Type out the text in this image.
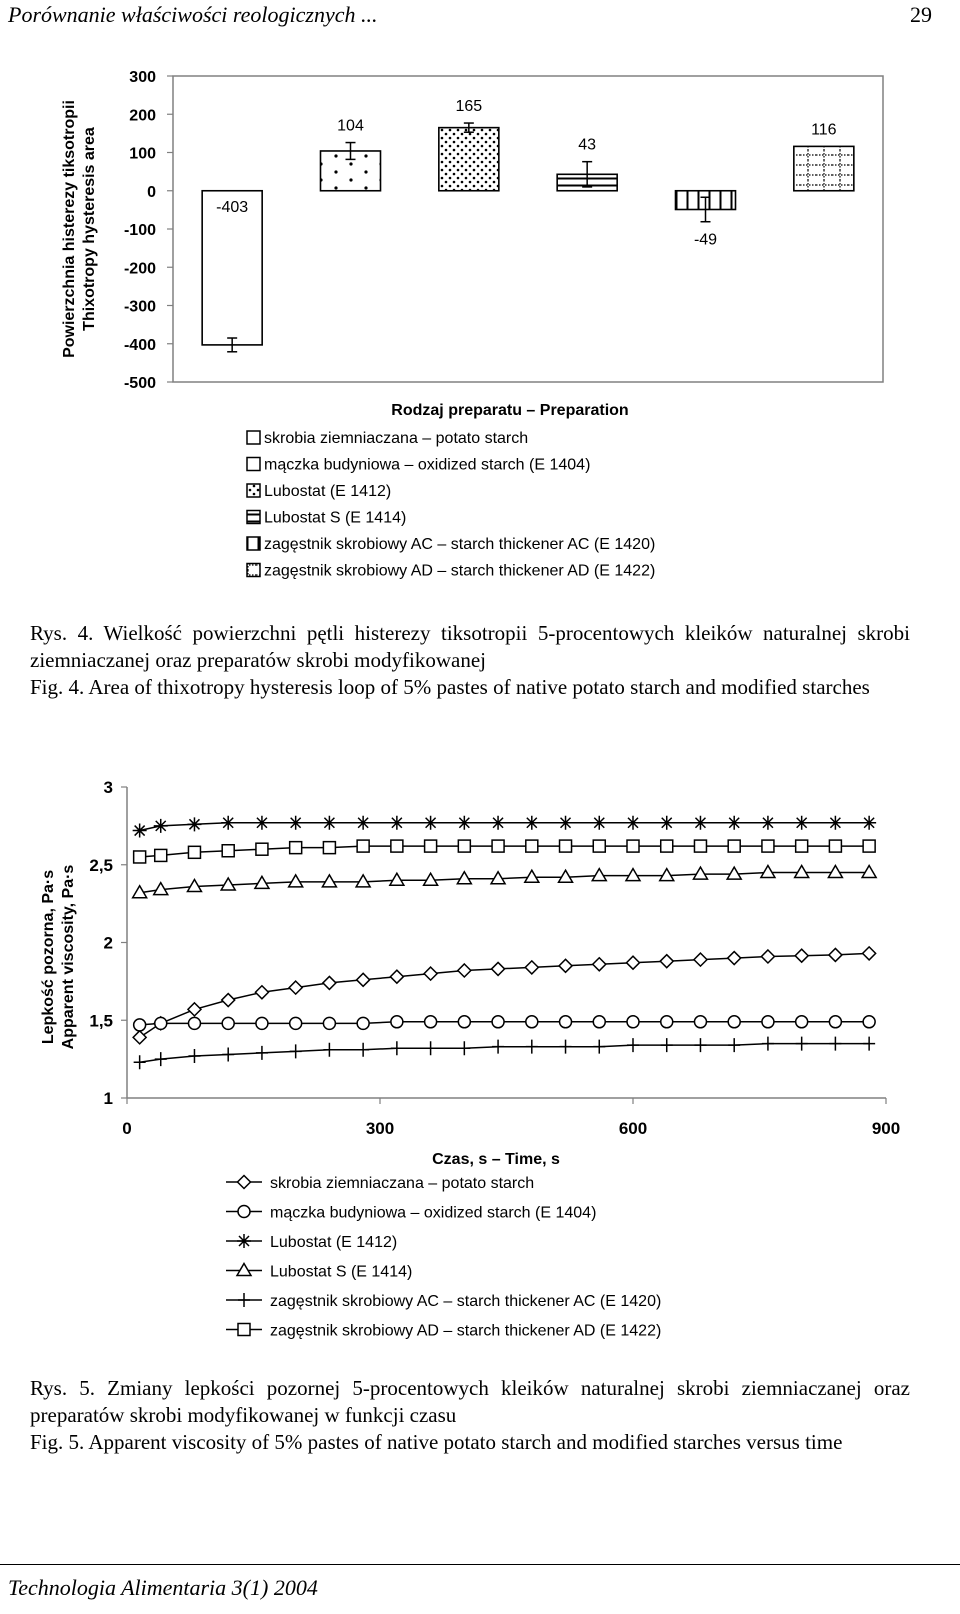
Porównanie właściwości reologicznych ...	29
300
200
100
0
-100
-200
-300
-400
-500
Powierzchnia histerezy tiksotropii Thixotropy hysteresis area
Rodzaj preparatu – Preparation
-403
104
165
43
-49
116
skrobia ziemniaczana – potato starch
mączka budyniowa – oxidized starch (E 1404)
Lubostat (E 1412)
Lubostat S (E 1414)
zagęstnik skrobiowy AC – starch thickener AC (E 1420)
zagęstnik skrobiowy AD – starch thickener AD (E 1422)
Rys. 4. Wielkość powierzchni pętli histerezy tiksotropii 5-procentowych kleików naturalnej skrobi ziemniaczanej oraz preparatów skrobi modyfikowanej
Fig. 4. Area of thixotropy hysteresis loop of 5% pastes of native potato starch and modified starches
3
2,5
2
1,5
1
0	300	600	900
Lepkość pozorna, Pa·s Apparent viscosity, Pa·s
Czas, s – Time, s
skrobia ziemniaczana – potato starch
mączka budyniowa – oxidized starch (E 1404)
Lubostat (E 1412)
Lubostat S (E 1414)
zagęstnik skrobiowy AC – starch thickener AC (E 1420)
zagęstnik skrobiowy AD – starch thickener AD (E 1422)
Rys. 5. Zmiany lepkości pozornej 5-procentowych kleików naturalnej skrobi ziemniaczanej oraz preparatów skrobi modyfikowanej w funkcji czasu
Fig. 5. Apparent viscosity of 5% pastes of native potato starch and modified starches versus time
Technologia Alimentaria 3(1) 2004
